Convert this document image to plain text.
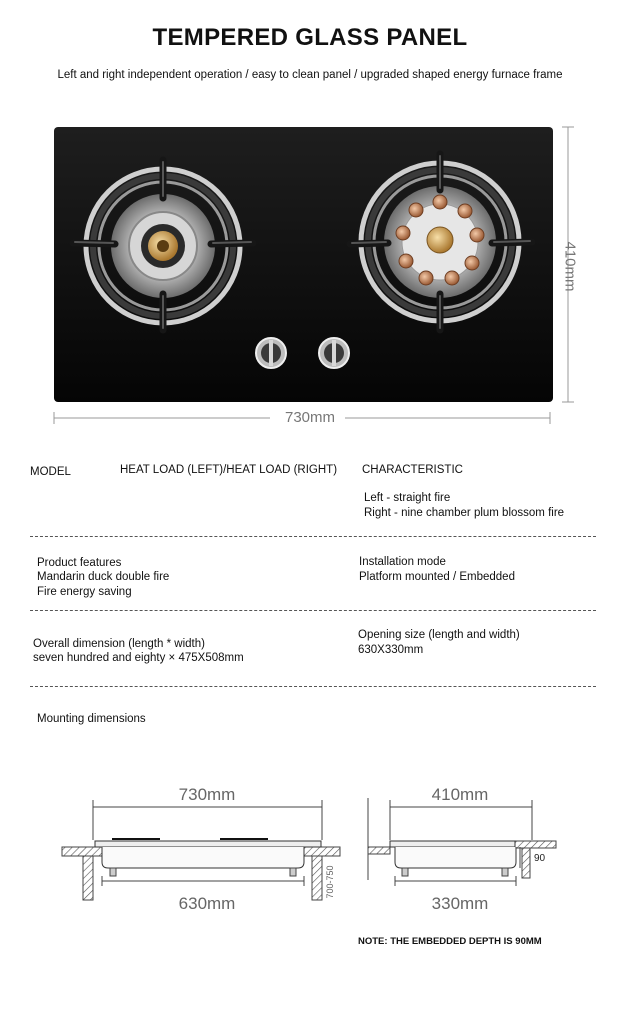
TEMPERED GLASS PANEL
Left and right independent operation / easy to clean panel / upgraded shaped energy furnace frame
410mm
730mm
MODEL	HEAT LOAD (LEFT)/HEAT LOAD (RIGHT) CHARACTERISTIC
Left - straight fire
Right - nine chamber plum blossom fire
Product features
Mandarin duck double fire
Fire energy saving
Installation mode
Platform mounted / Embedded
Overall dimension (length * width)
seven hundred and eighty × 475X508mm
Opening size (length and width)
630X330mm
Mounting dimensions
730mm
630mm
700-750
410mm
330mm
90
NOTE: THE EMBEDDED DEPTH IS 90MM
